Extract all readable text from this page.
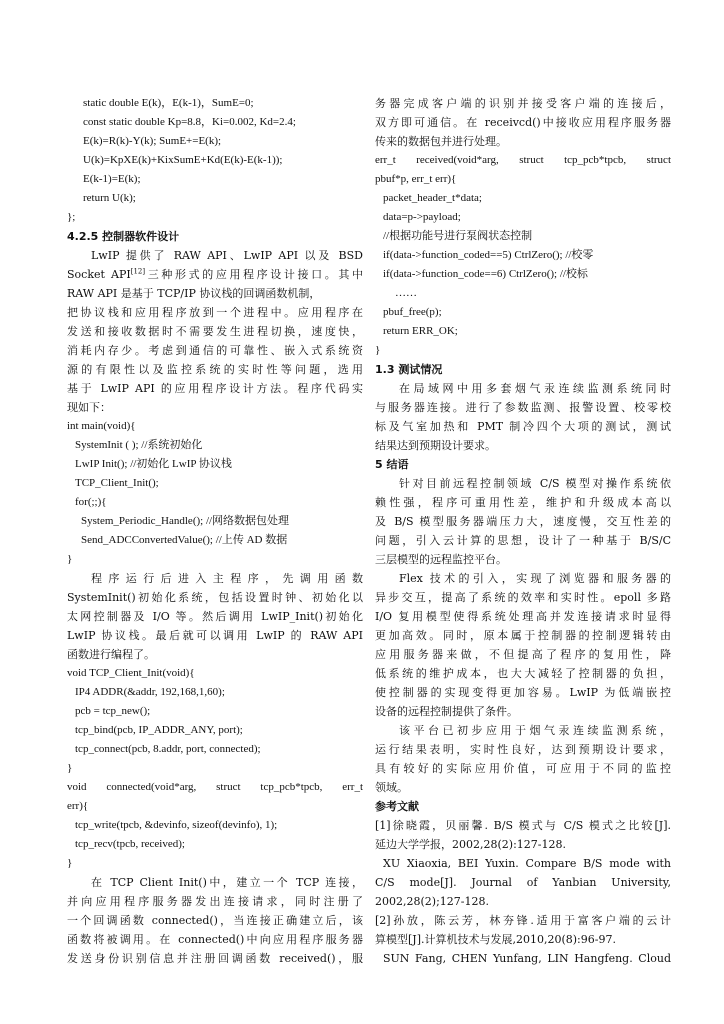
static double E(k)，E(k-1)，SumE=0;
const static double Kp=8.8，Ki=0.002, Kd=2.4;
E(k)=R(k)-Y(k); SumE+=E(k);
U(k)=KpXE(k)+KixSumE+Kd(E(k)-E(k-1));
E(k-1)=E(k);
return U(k);
};
4.2.5 控制器软件设计
LwIP 提供了 RAW API、LwIP API 以及 BSD
Socket API[12]三种形式的应用程序设计接口。其中
RAW API 是基于 TCP/IP 协议栈的回调函数机制，
把协议栈和应用程序放到一个进程中。应用程序在
发送和接收数据时不需要发生进程切换，速度快，
消耗内存少。考虑到通信的可靠性、嵌入式系统资
源的有限性以及监控系统的实时性等问题，选用
基于 LwIP API 的应用程序设计方法。程序代码实
现如下：
int main(void){
SystemInit ( ); //系统初始化
LwIP Init(); //初始化 LwIP 协议栈
TCP_Client_Init();
for(;;){
System_Periodic_Handle(); //网络数据包处理
Send_ADCConvertedValue(); //上传 AD 数据
}
程 序 运 行 后 进 入 主 程 序 ， 先 调 用 函 数
SystemInit()初始化系统，包括设置时钟、初始化以
太网控制器及 I/O 等。然后调用 LwIP_Init()初始化
LwIP 协议栈。最后就可以调用 LwIP 的 RAW API
函数进行编程了。
void TCP_Client_Init(void){
IP4 ADDR(&addr, 192,168,1,60);
pcb = tcp_new();
tcp_bind(pcb, IP_ADDR_ANY, port);
tcp_connect(pcb, 8.addr, port, connected);
}
void connected(void*arg, struct tcp_pcb*tpcb, err_t
err){
tcp_write(tpcb, &devinfo, sizeof(devinfo), 1);
tcp_recv(tpcb, received);
}
在 TCP Client Init()中，建立一个 TCP 连接，
并向应用程序服务器发出连接请求，同时注册了
一个回调函数 connected()，当连接正确建立后，该
函数将被调用。在 connected()中向应用程序服务器
发送身份识别信息并注册回调函数 received()，服
务器完成客户端的识别并接受客户端的连接后，
双方即可通信。在 receivcd()中接收应用程序服务器
传来的数据包并进行处理。
err_t received(void*arg, struct tcp_pcb*tpcb, struct
pbuf*p, err_t err){
packet_header_t*data;
data=p->payload;
//根据功能号进行泵阀状态控制
if(data->function_coded==5) CtrlZero(); //校零
if(data->function_code==6) CtrlZero(); //校标
……
pbuf_free(p);
return ERR_OK;
}
1.3 测试情况
在局域网中用多套烟气汞连续监测系统同时
与服务器连接。进行了参数监测、报警设置、校零校
标及气室加热和 PMT 制冷四个大项的测试，测试
结果达到预期设计要求。
5 结语
针对目前远程控制领域 C/S 模型对操作系统依
赖性强，程序可重用性差，维护和升级成本高以
及 B/S 模型服务器端压力大，速度慢，交互性差的
问题，引入云计算的思想，设计了一种基于 B/S/C
三层模型的远程监控平台。
Flex 技术的引入，实现了浏览器和服务器的
异步交互，提高了系统的效率和实时性。epoll 多路
I/O 复用模型使得系统处理高并发连接请求时显得
更加高效。同时，原本属于控制器的控制逻辑转由
应用服务器来做，不但提高了程序的复用性，降
低系统的维护成本，也大大减轻了控制器的负担，
使控制器的实现变得更加容易。LwIP 为低端嵌控
设备的远程控制提供了条件。
该平台已初步应用于烟气汞连续监测系统，
运行结果表明，实时性良好，达到预期设计要求，
具有较好的实际应用价值，可应用于不同的监控
领域。
参考文献
[1]徐晓霞，贝丽馨. B/S 模式与 C/S 模式之比较[J].
延边大学学报，2002,28(2):127-128.
XU Xiaoxia, BEI Yuxin. Compare B/S mode with
C/S mode[J]. Journal of Yanbian University,
2002,28(2);127-128.
[2]孙放，陈云芳，林夯锋.适用于富客户端的云计
算模型[J].计算机技术与发展,2010,20(8):96-97.
SUN Fang, CHEN Yunfang, LIN Hangfeng. Cloud
